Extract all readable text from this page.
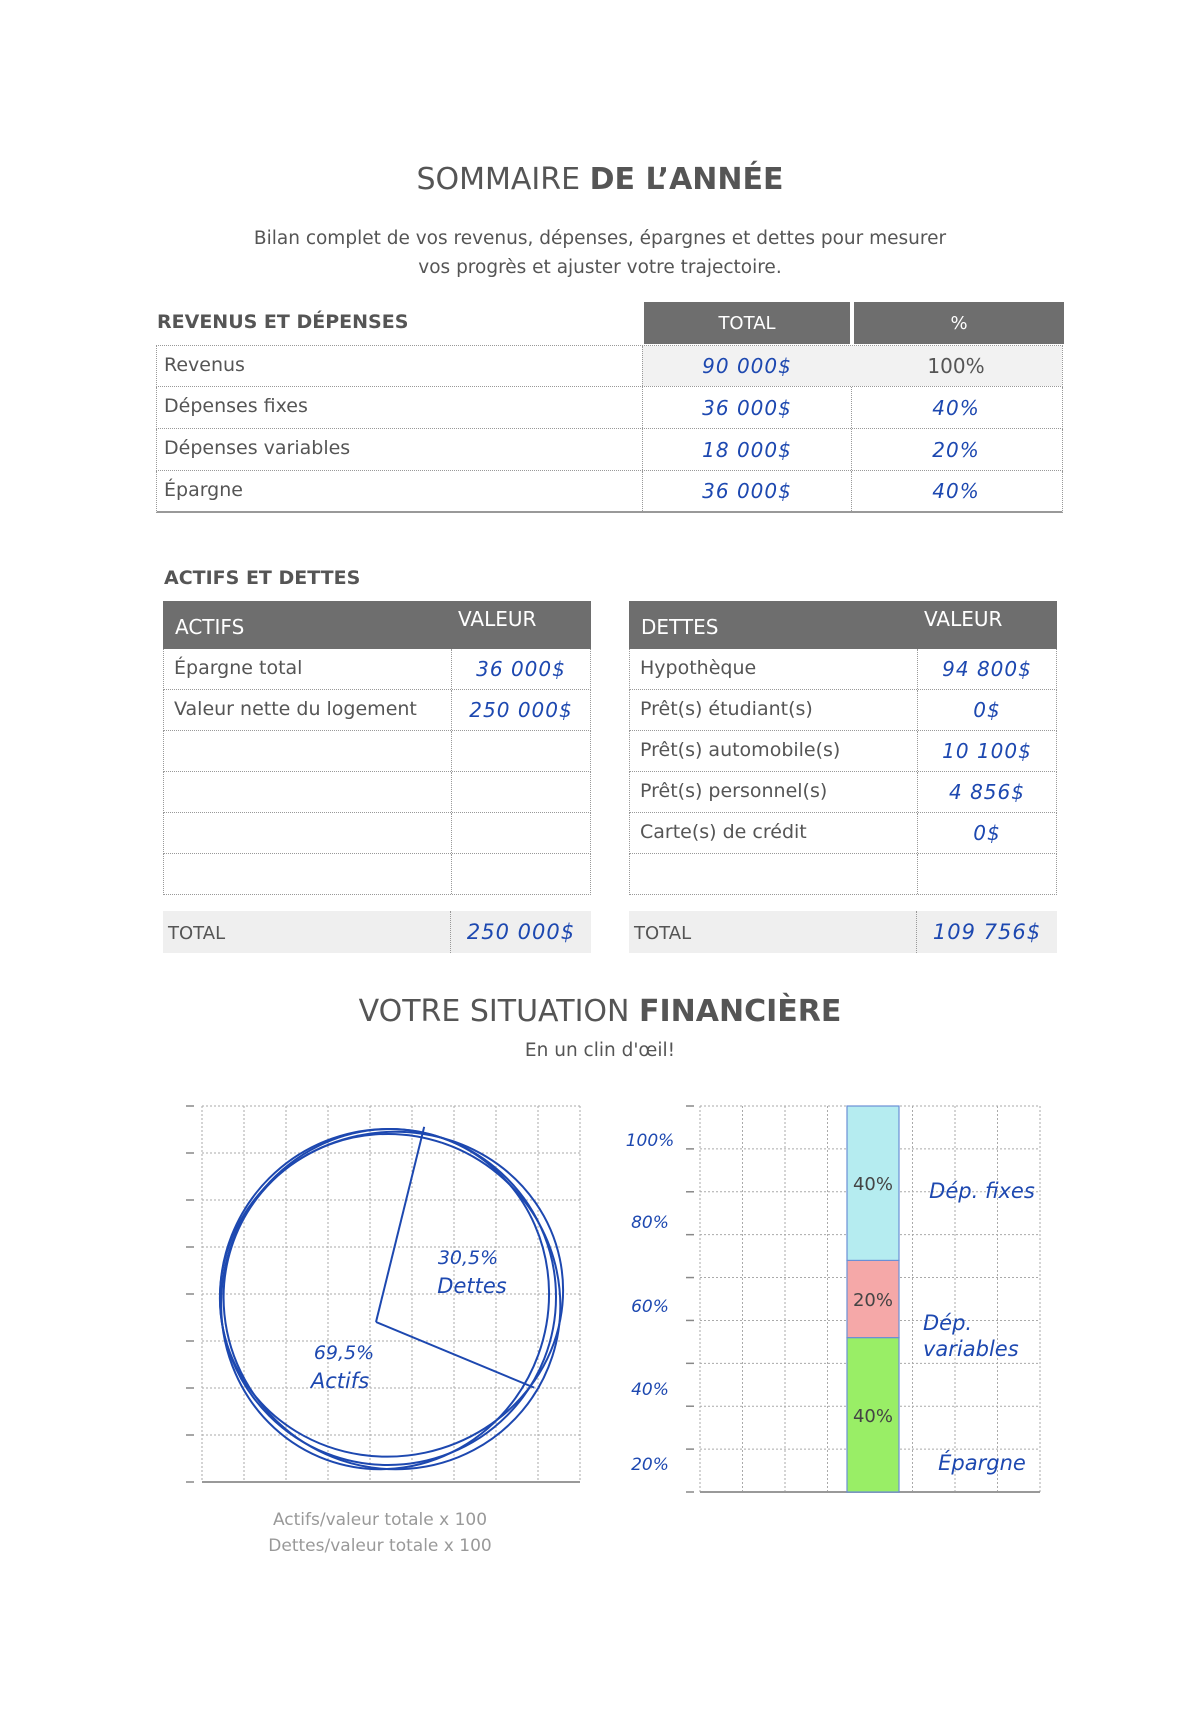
SOMMAIRE DE L’ANNÉE
Bilan complet de vos revenus, dépenses, épargnes et dettes pour mesurer
vos progrès et ajuster votre trajectoire.
REVENUS ET DÉPENSES	TOTAL	%
Revenus	90 000$	100%
Dépenses fixes	36 000$	40%
Dépenses variables	18 000$	20%
Épargne	36 000$	40%
ACTIFS ET DETTES
ACTIFS	VALEUR
Épargne total	36 000$
Valeur nette du logement	250 000$
TOTAL	250 000$
DETTES	VALEUR
Hypothèque	94 800$
Prêt(s) étudiant(s)	0$
Prêt(s) automobile(s)	10 100$
Prêt(s) personnel(s)	4 856$
Carte(s) de crédit	0$
TOTAL	109 756$
VOTRE SITUATION FINANCIÈRE
En un clin d'œil!
30,5%
Dettes
69,5%
Actifs
Actifs/valeur totale x 100
Dettes/valeur totale x 100
20%
40%
60%
80%
100%
40%
Épargne
20%
Dép.
variables
40% Dép. fixes
